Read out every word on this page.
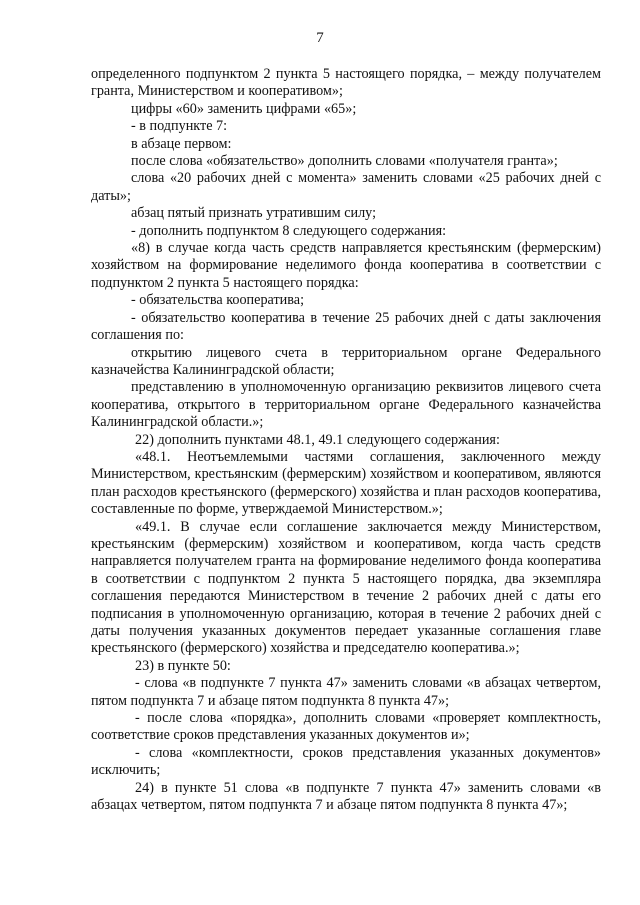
7

определенного подпунктом 2 пункта 5 настоящего порядка, – между получателем гранта, Министерством и кооперативом»;

цифры «60» заменить цифрами «65»;

- в подпункте 7:

в абзаце первом:

после слова «обязательство» дополнить словами «получателя гранта»;

слова «20 рабочих дней с момента» заменить словами «25 рабочих дней с даты»;

абзац пятый признать утратившим силу;

- дополнить подпунктом 8 следующего содержания:

«8) в случае когда часть средств направляется крестьянским (фермерским) хозяйством на формирование неделимого фонда кооператива в соответствии с подпунктом 2 пункта 5 настоящего порядка:

- обязательства кооператива;

- обязательство кооператива в течение 25 рабочих дней с даты заключения соглашения по:

открытию лицевого счета в территориальном органе Федерального казначейства Калининградской области;

представлению в уполномоченную организацию реквизитов лицевого счета кооператива, открытого в территориальном органе Федерального казначейства Калининградской области.»;

22) дополнить пунктами 48.1, 49.1 следующего содержания:

«48.1. Неотъемлемыми частями соглашения, заключенного между Министерством, крестьянским (фермерским) хозяйством и кооперативом, являются план расходов крестьянского (фермерского) хозяйства и план расходов кооператива, составленные по форме, утверждаемой Министерством.»;

«49.1. В случае если соглашение заключается между Министерством, крестьянским (фермерским) хозяйством и кооперативом, когда часть средств направляется получателем гранта на формирование неделимого фонда кооператива в соответствии с подпунктом 2 пункта 5 настоящего порядка, два экземпляра соглашения передаются Министерством в течение 2 рабочих дней с даты его подписания в уполномоченную организацию, которая в течение 2 рабочих дней с даты получения указанных документов передает указанные соглашения главе крестьянского (фермерского) хозяйства и председателю кооператива.»;

23) в пункте 50:

- слова «в подпункте 7 пункта 47» заменить словами «в абзацах четвертом, пятом подпункта 7 и абзаце пятом подпункта 8 пункта 47»;

- после слова «порядка», дополнить словами «проверяет комплектность, соответствие сроков представления указанных документов и»;

- слова «комплектности, сроков представления указанных документов» исключить;

24) в пункте 51 слова «в подпункте 7 пункта 47» заменить словами «в абзацах четвертом, пятом подпункта 7 и абзаце пятом подпункта 8 пункта 47»;
